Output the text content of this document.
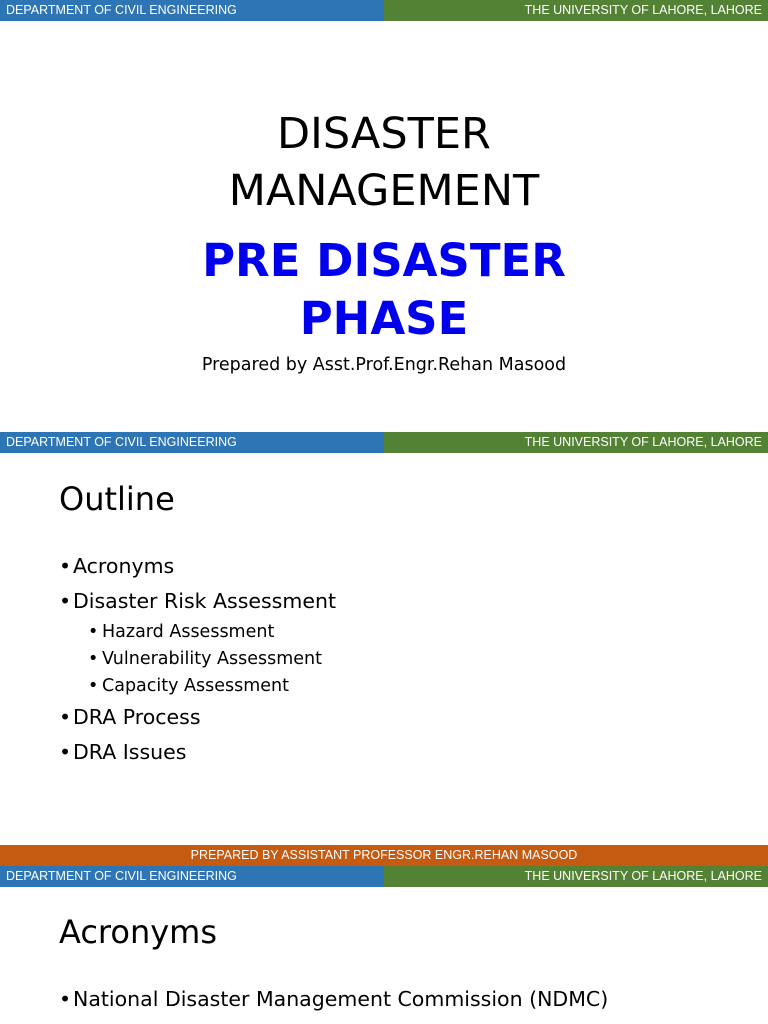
DEPARTMENT OF CIVIL ENGINEERING	THE UNIVERSITY OF LAHORE, LAHORE
DISASTER
MANAGEMENT
PRE DISASTER
PHASE
Prepared by Asst.Prof.Engr.Rehan Masood
DEPARTMENT OF CIVIL ENGINEERING	THE UNIVERSITY OF LAHORE, LAHORE
Outline
• Acronyms
• Disaster Risk Assessment
• Hazard Assessment
• Vulnerability Assessment
• Capacity Assessment
• DRA Process
• DRA Issues
PREPARED BY ASSISTANT PROFESSOR ENGR.REHAN MASOOD
DEPARTMENT OF CIVIL ENGINEERING	THE UNIVERSITY OF LAHORE, LAHORE
Acronyms
• National Disaster Management Commission (NDMC)
